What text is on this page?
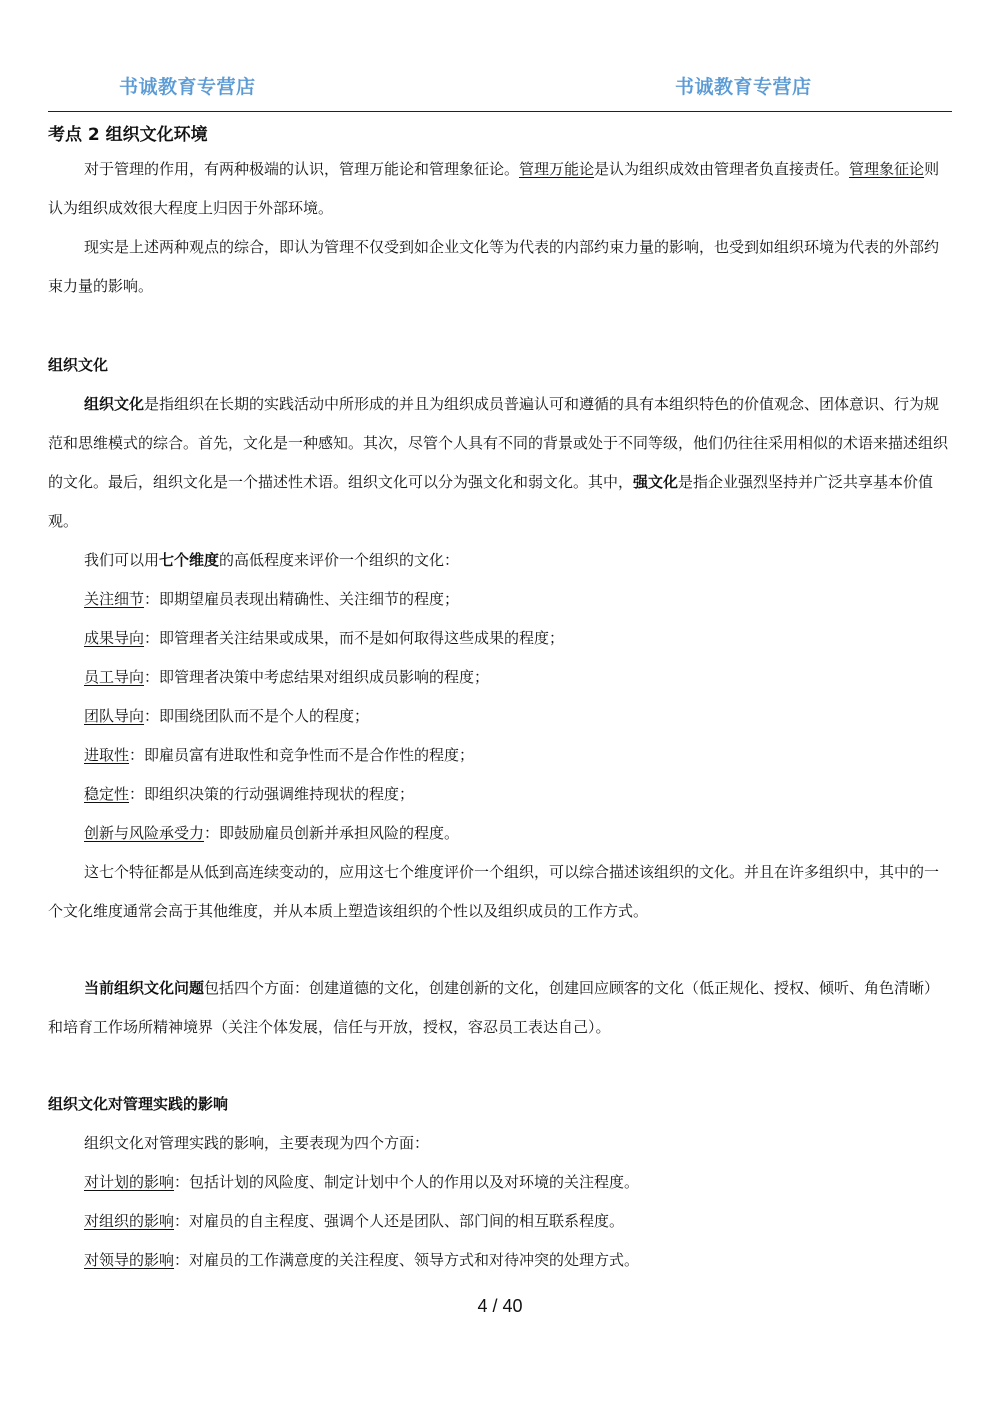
书诚教育专营店	书诚教育专营店

考点 2 组织文化环境

对于管理的作用，有两种极端的认识，管理万能论和管理象征论。管理万能论是认为组织成效由管理者负直接责任。管理象征论则认为组织成效很大程度上归因于外部环境。

现实是上述两种观点的综合，即认为管理不仅受到如企业文化等为代表的内部约束力量的影响，也受到如组织环境为代表的外部约束力量的影响。

组织文化

组织文化是指组织在长期的实践活动中所形成的并且为组织成员普遍认可和遵循的具有本组织特色的价值观念、团体意识、行为规范和思维模式的综合。首先，文化是一种感知。其次，尽管个人具有不同的背景或处于不同等级，他们仍往往采用相似的术语来描述组织的文化。最后，组织文化是一个描述性术语。组织文化可以分为强文化和弱文化。其中，强文化是指企业强烈坚持并广泛共享基本价值观。

我们可以用七个维度的高低程度来评价一个组织的文化：

关注细节：即期望雇员表现出精确性、关注细节的程度；

成果导向：即管理者关注结果或成果，而不是如何取得这些成果的程度；

员工导向：即管理者决策中考虑结果对组织成员影响的程度；

团队导向：即围绕团队而不是个人的程度；

进取性：即雇员富有进取性和竞争性而不是合作性的程度；

稳定性：即组织决策的行动强调维持现状的程度；

创新与风险承受力：即鼓励雇员创新并承担风险的程度。

这七个特征都是从低到高连续变动的，应用这七个维度评价一个组织，可以综合描述该组织的文化。并且在许多组织中，其中的一个文化维度通常会高于其他维度，并从本质上塑造该组织的个性以及组织成员的工作方式。

当前组织文化问题包括四个方面：创建道德的文化，创建创新的文化，创建回应顾客的文化（低正规化、授权、倾听、角色清晰）和培育工作场所精神境界（关注个体发展，信任与开放，授权，容忍员工表达自己）。

组织文化对管理实践的影响

组织文化对管理实践的影响，主要表现为四个方面：

对计划的影响：包括计划的风险度、制定计划中个人的作用以及对环境的关注程度。

对组织的影响：对雇员的自主程度、强调个人还是团队、部门间的相互联系程度。

对领导的影响：对雇员的工作满意度的关注程度、领导方式和对待冲突的处理方式。

4 / 40
